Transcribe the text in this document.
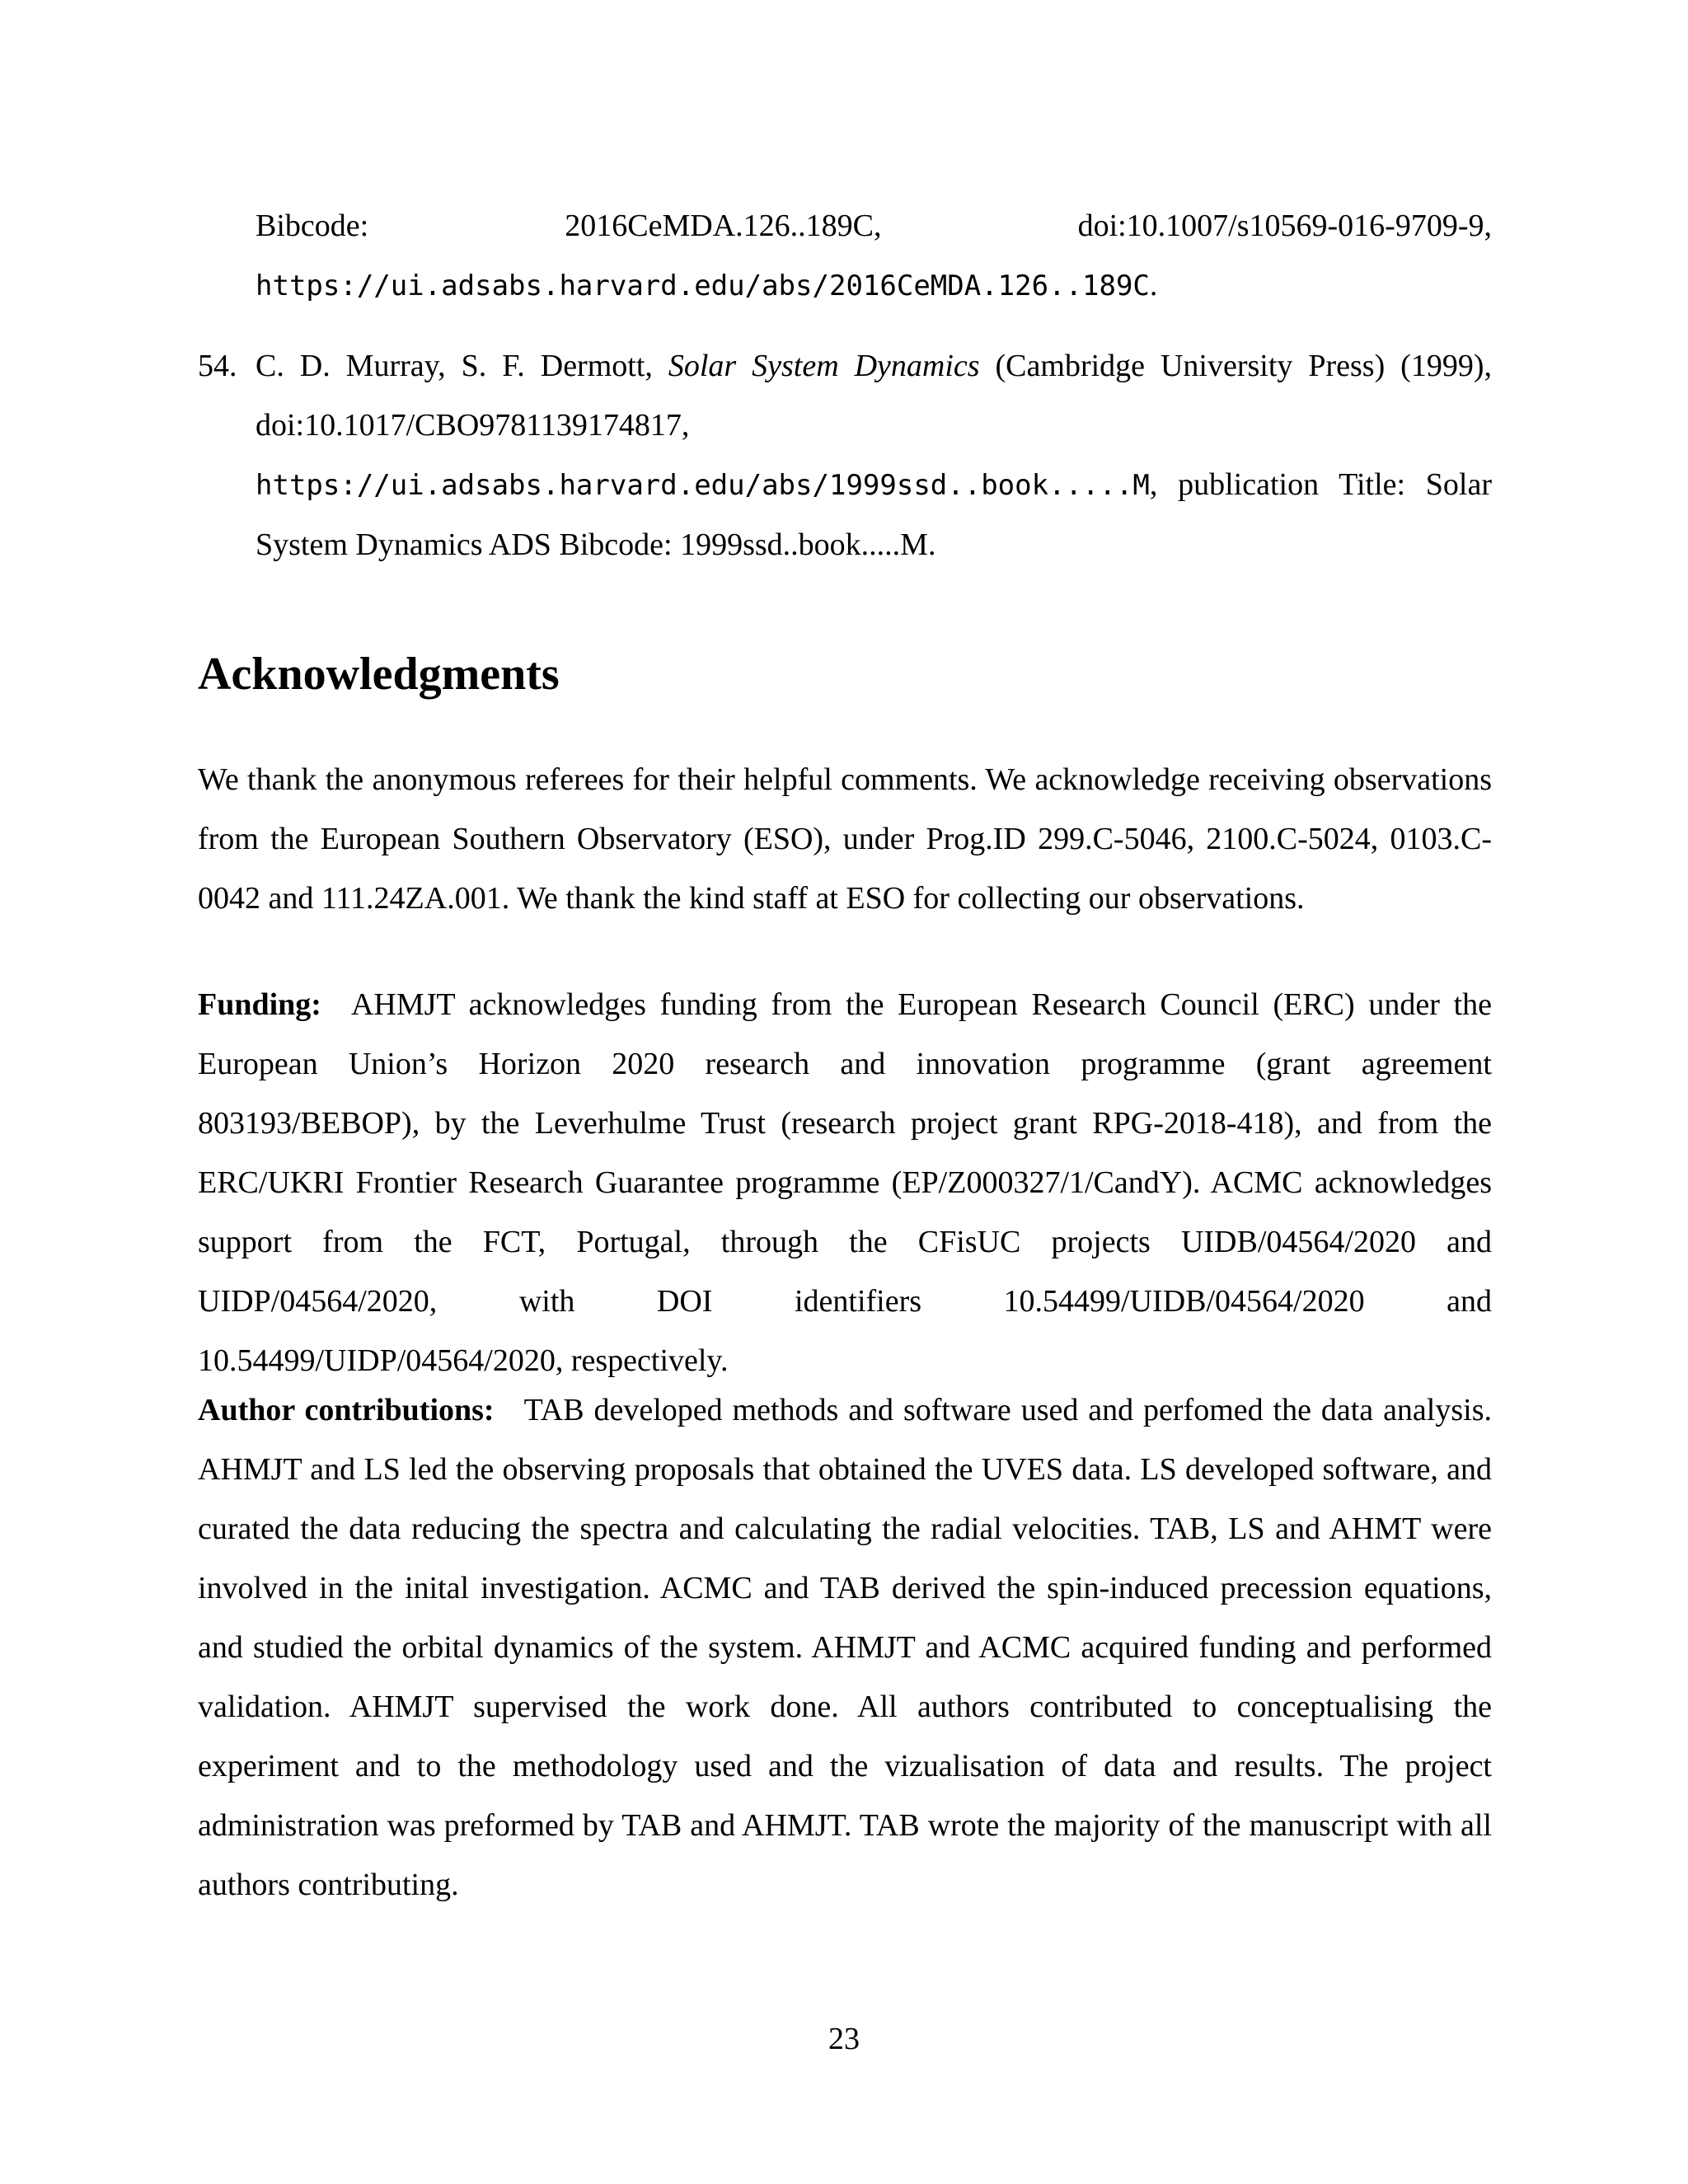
Bibcode: 2016CeMDA.126..189C, doi:10.1007/s10569-016-9709-9, https://ui.adsabs.harvard.edu/abs/2016CeMDA.126..189C.
54. C. D. Murray, S. F. Dermott, Solar System Dynamics (Cambridge University Press) (1999), doi:10.1017/CBO9781139174817, https://ui.adsabs.harvard.edu/abs/1999ssd..book.....M, publication Title: Solar System Dynamics ADS Bibcode: 1999ssd..book.....M.
Acknowledgments

We thank the anonymous referees for their helpful comments. We acknowledge receiving observations from the European Southern Observatory (ESO), under Prog.ID 299.C-5046, 2100.C-5024, 0103.C-0042 and 111.24ZA.001. We thank the kind staff at ESO for collecting our observations.

Funding: AHMJT acknowledges funding from the European Research Council (ERC) under the European Union’s Horizon 2020 research and innovation programme (grant agreement 803193/BEBOP), by the Leverhulme Trust (research project grant RPG-2018-418), and from the ERC/UKRI Frontier Research Guarantee programme (EP/Z000327/1/CandY). ACMC acknowledges support from the FCT, Portugal, through the CFisUC projects UIDB/04564/2020 and UIDP/04564/2020, with DOI identifiers 10.54499/UIDB/04564/2020 and 10.54499/UIDP/04564/2020, respectively.

Author contributions: TAB developed methods and software used and perfomed the data analysis. AHMJT and LS led the observing proposals that obtained the UVES data. LS developed software, and curated the data reducing the spectra and calculating the radial velocities. TAB, LS and AHMT were involved in the inital investigation. ACMC and TAB derived the spin-induced precession equations, and studied the orbital dynamics of the system. AHMJT and ACMC acquired funding and performed validation. AHMJT supervised the work done. All authors contributed to conceptualising the experiment and to the methodology used and the vizualisation of data and results. The project administration was preformed by TAB and AHMJT. TAB wrote the majority of the manuscript with all authors contributing.

23
